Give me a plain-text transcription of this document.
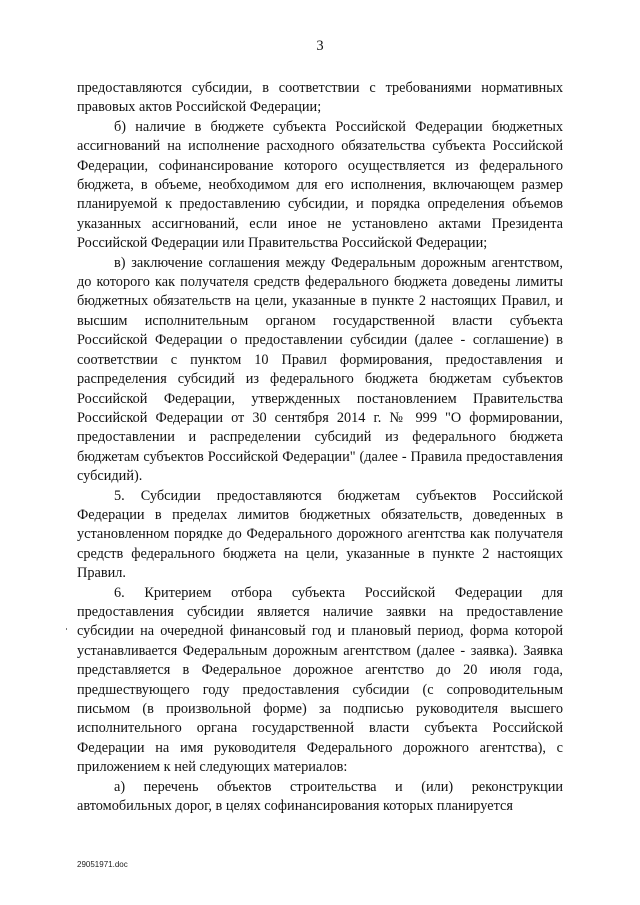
3

предоставляются субсидии, в соответствии с требованиями нормативных правовых актов Российской Федерации;

б) наличие в бюджете субъекта Российской Федерации бюджетных ассигнований на исполнение расходного обязательства субъекта Российской Федерации, софинансирование которого осуществляется из федерального бюджета, в объеме, необходимом для его исполнения, включающем размер планируемой к предоставлению субсидии, и порядка определения объемов указанных ассигнований, если иное не установлено актами Президента Российской Федерации или Правительства Российской Федерации;

в) заключение соглашения между Федеральным дорожным агентством, до которого как получателя средств федерального бюджета доведены лимиты бюджетных обязательств на цели, указанные в пункте 2 настоящих Правил, и высшим исполнительным органом государственной власти субъекта Российской Федерации о предоставлении субсидии (далее - соглашение) в соответствии с пунктом 10 Правил формирования, предоставления и распределения субсидий из федерального бюджета бюджетам субъектов Российской Федерации, утвержденных постановлением Правительства Российской Федерации от 30 сентября 2014 г. № 999 "О формировании, предоставлении и распределении субсидий из федерального бюджета бюджетам субъектов Российской Федерации" (далее - Правила предоставления субсидий).

5. Субсидии предоставляются бюджетам субъектов Российской Федерации в пределах лимитов бюджетных обязательств, доведенных в установленном порядке до Федерального дорожного агентства как получателя средств федерального бюджета на цели, указанные в пункте 2 настоящих Правил.

6. Критерием отбора субъекта Российской Федерации для предоставления субсидии является наличие заявки на предоставление субсидии на очередной финансовый год и плановый период, форма которой устанавливается Федеральным дорожным агентством (далее - заявка). Заявка представляется в Федеральное дорожное агентство до 20 июля года, предшествующего году предоставления субсидии (с сопроводительным письмом (в произвольной форме) за подписью руководителя высшего исполнительного органа государственной власти субъекта Российской Федерации на имя руководителя Федерального дорожного агентства), с приложением к ней следующих материалов:

а) перечень объектов строительства и (или) реконструкции автомобильных дорог, в целях софинансирования которых планируется

29051971.doc
